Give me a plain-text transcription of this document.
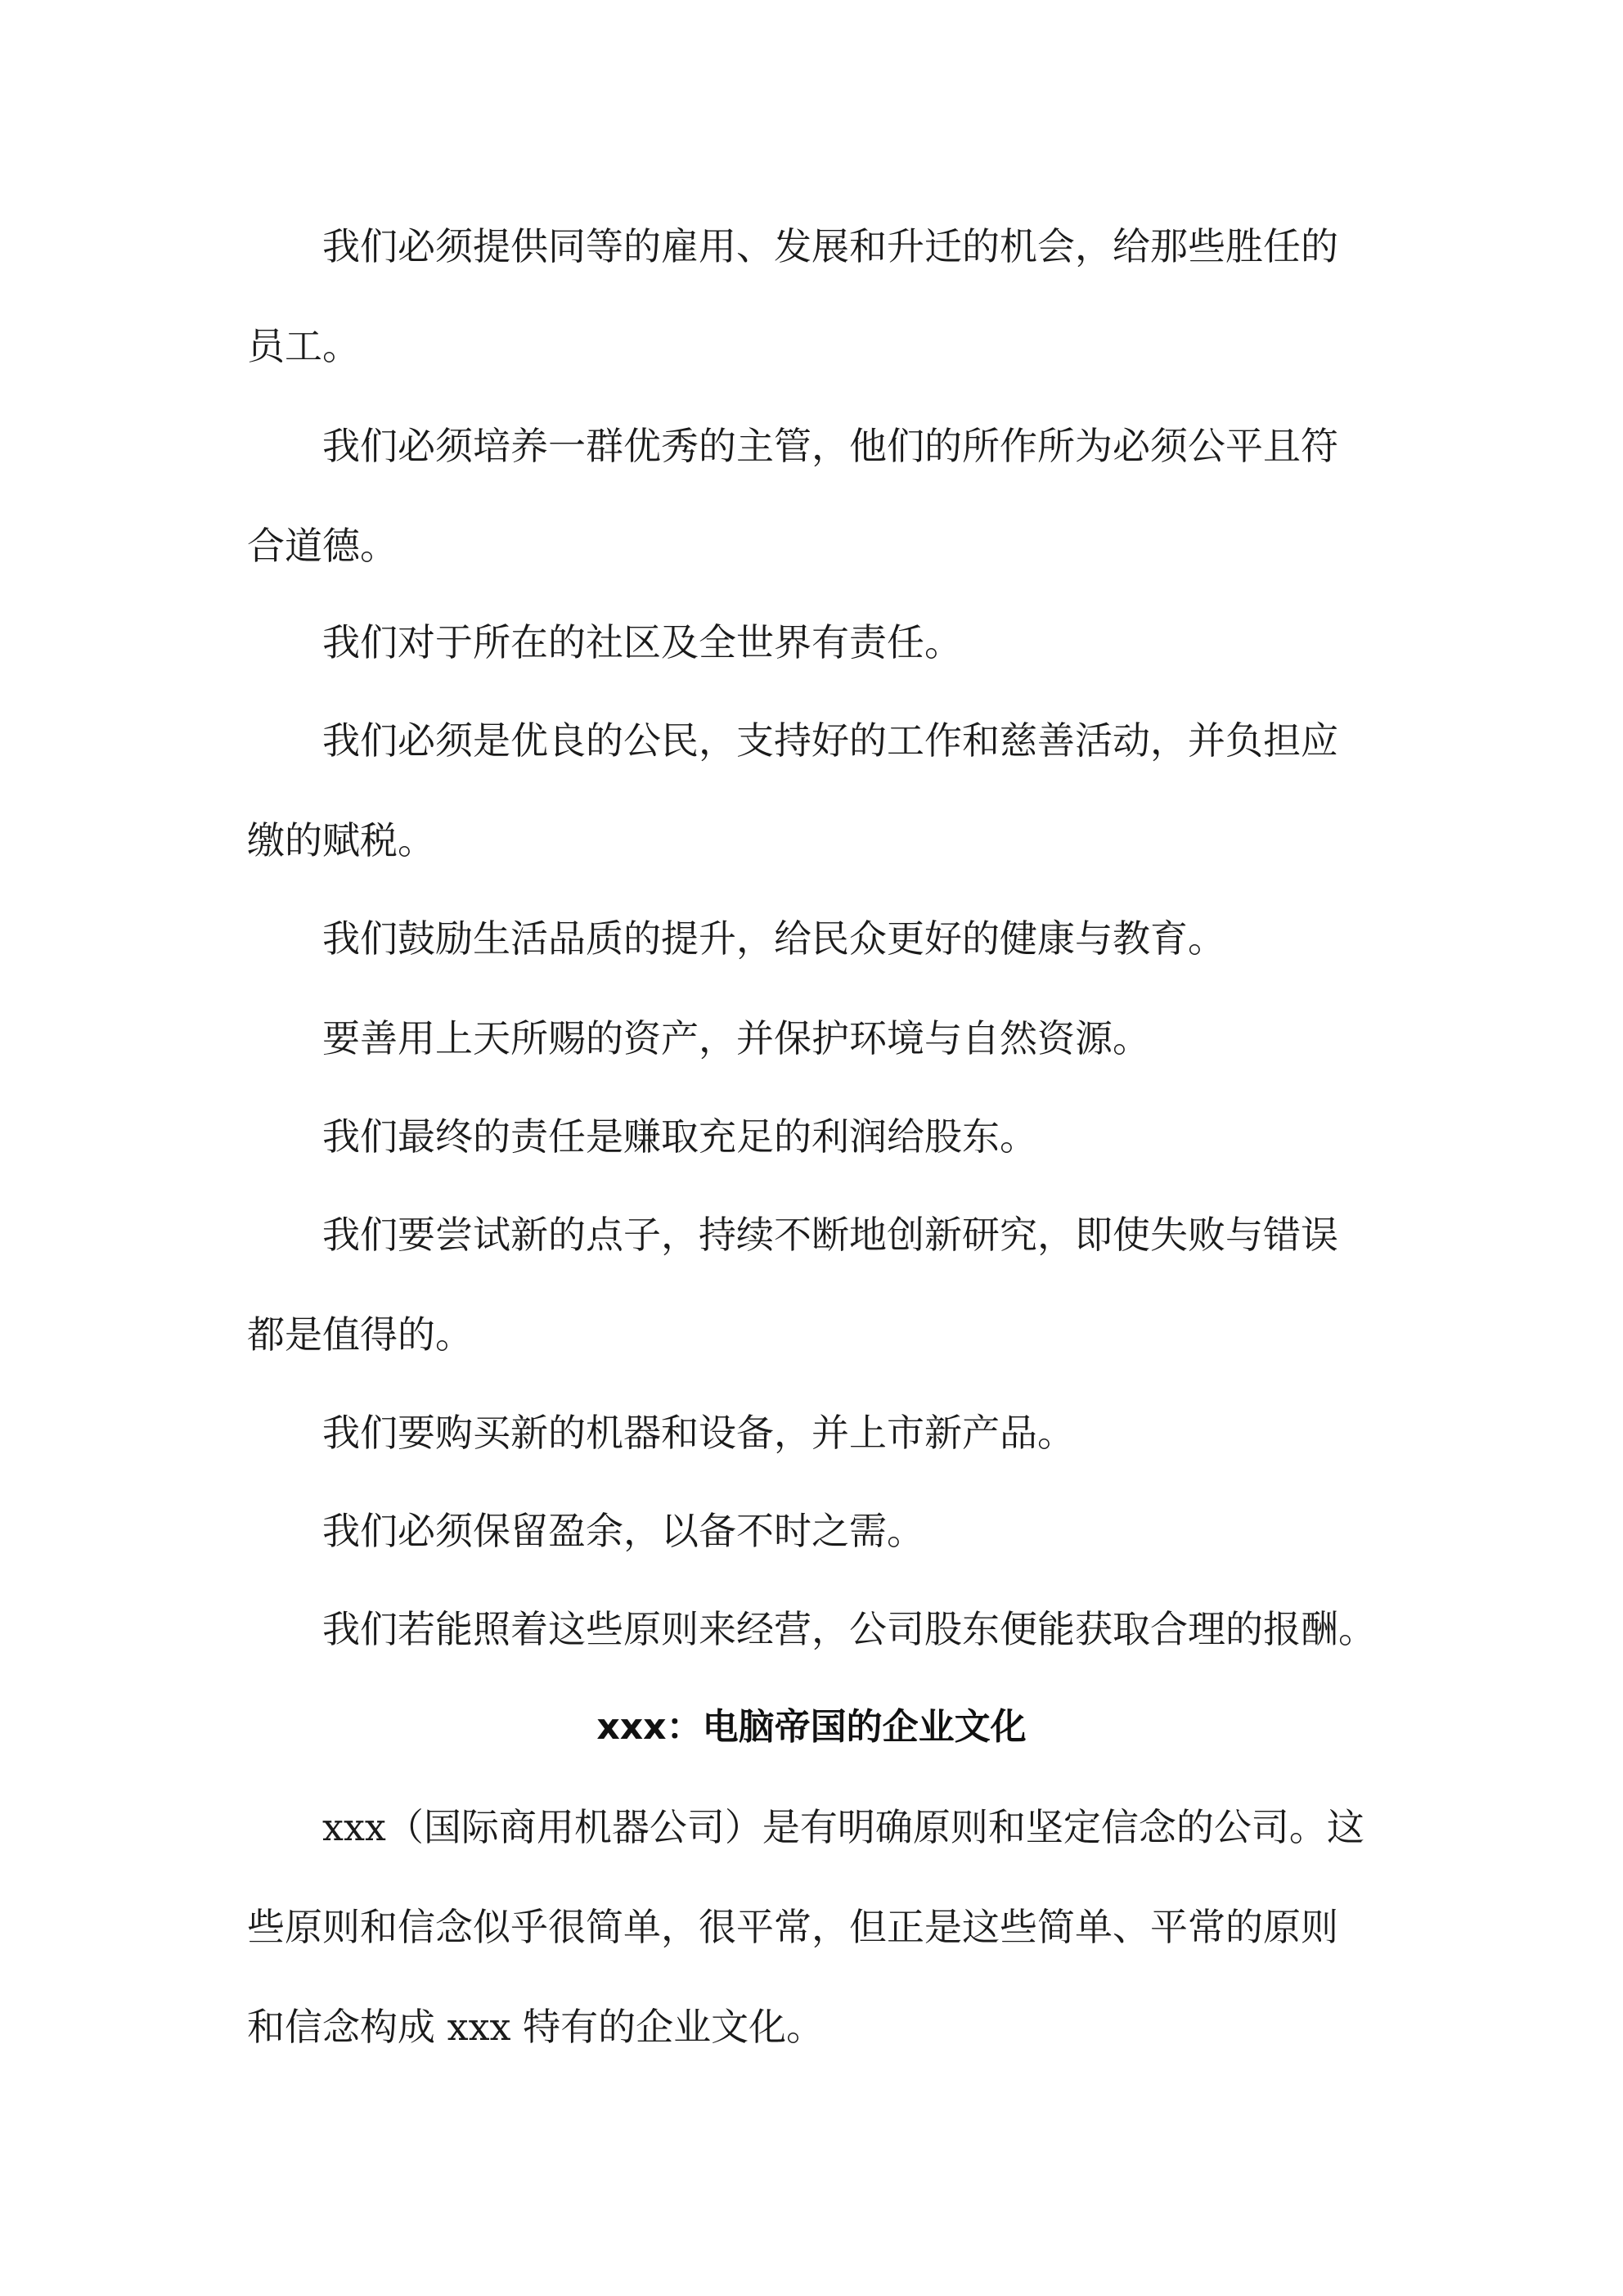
我们必须提供同等的雇用、发展和升迁的机会，给那些胜任的
员工。
我们必须培养一群优秀的主管，他们的所作所为必须公平且符
合道德。
我们对于所在的社区及全世界有责任。
我们必须是优良的公民，支持好的工作和慈善活动，并负担应
缴的赋税。
我们鼓励生活品质的提升，给民众更好的健康与教育。
要善用上天所赐的资产，并保护环境与自然资源。
我们最终的责任是赚取充足的利润给股东。
我们要尝试新的点子，持续不断地创新研究，即使失败与错误
都是值得的。
我们要购买新的机器和设备，并上市新产品。
我们必须保留盈余，以备不时之需。
我们若能照着这些原则来经营，公司股东便能获取合理的报酬。
xxx：电脑帝国的企业文化
xxx（国际商用机器公司）是有明确原则和坚定信念的公司。这
些原则和信念似乎很简单，很平常，但正是这些简单、平常的原则
和信念构成 xxx 特有的企业文化。
